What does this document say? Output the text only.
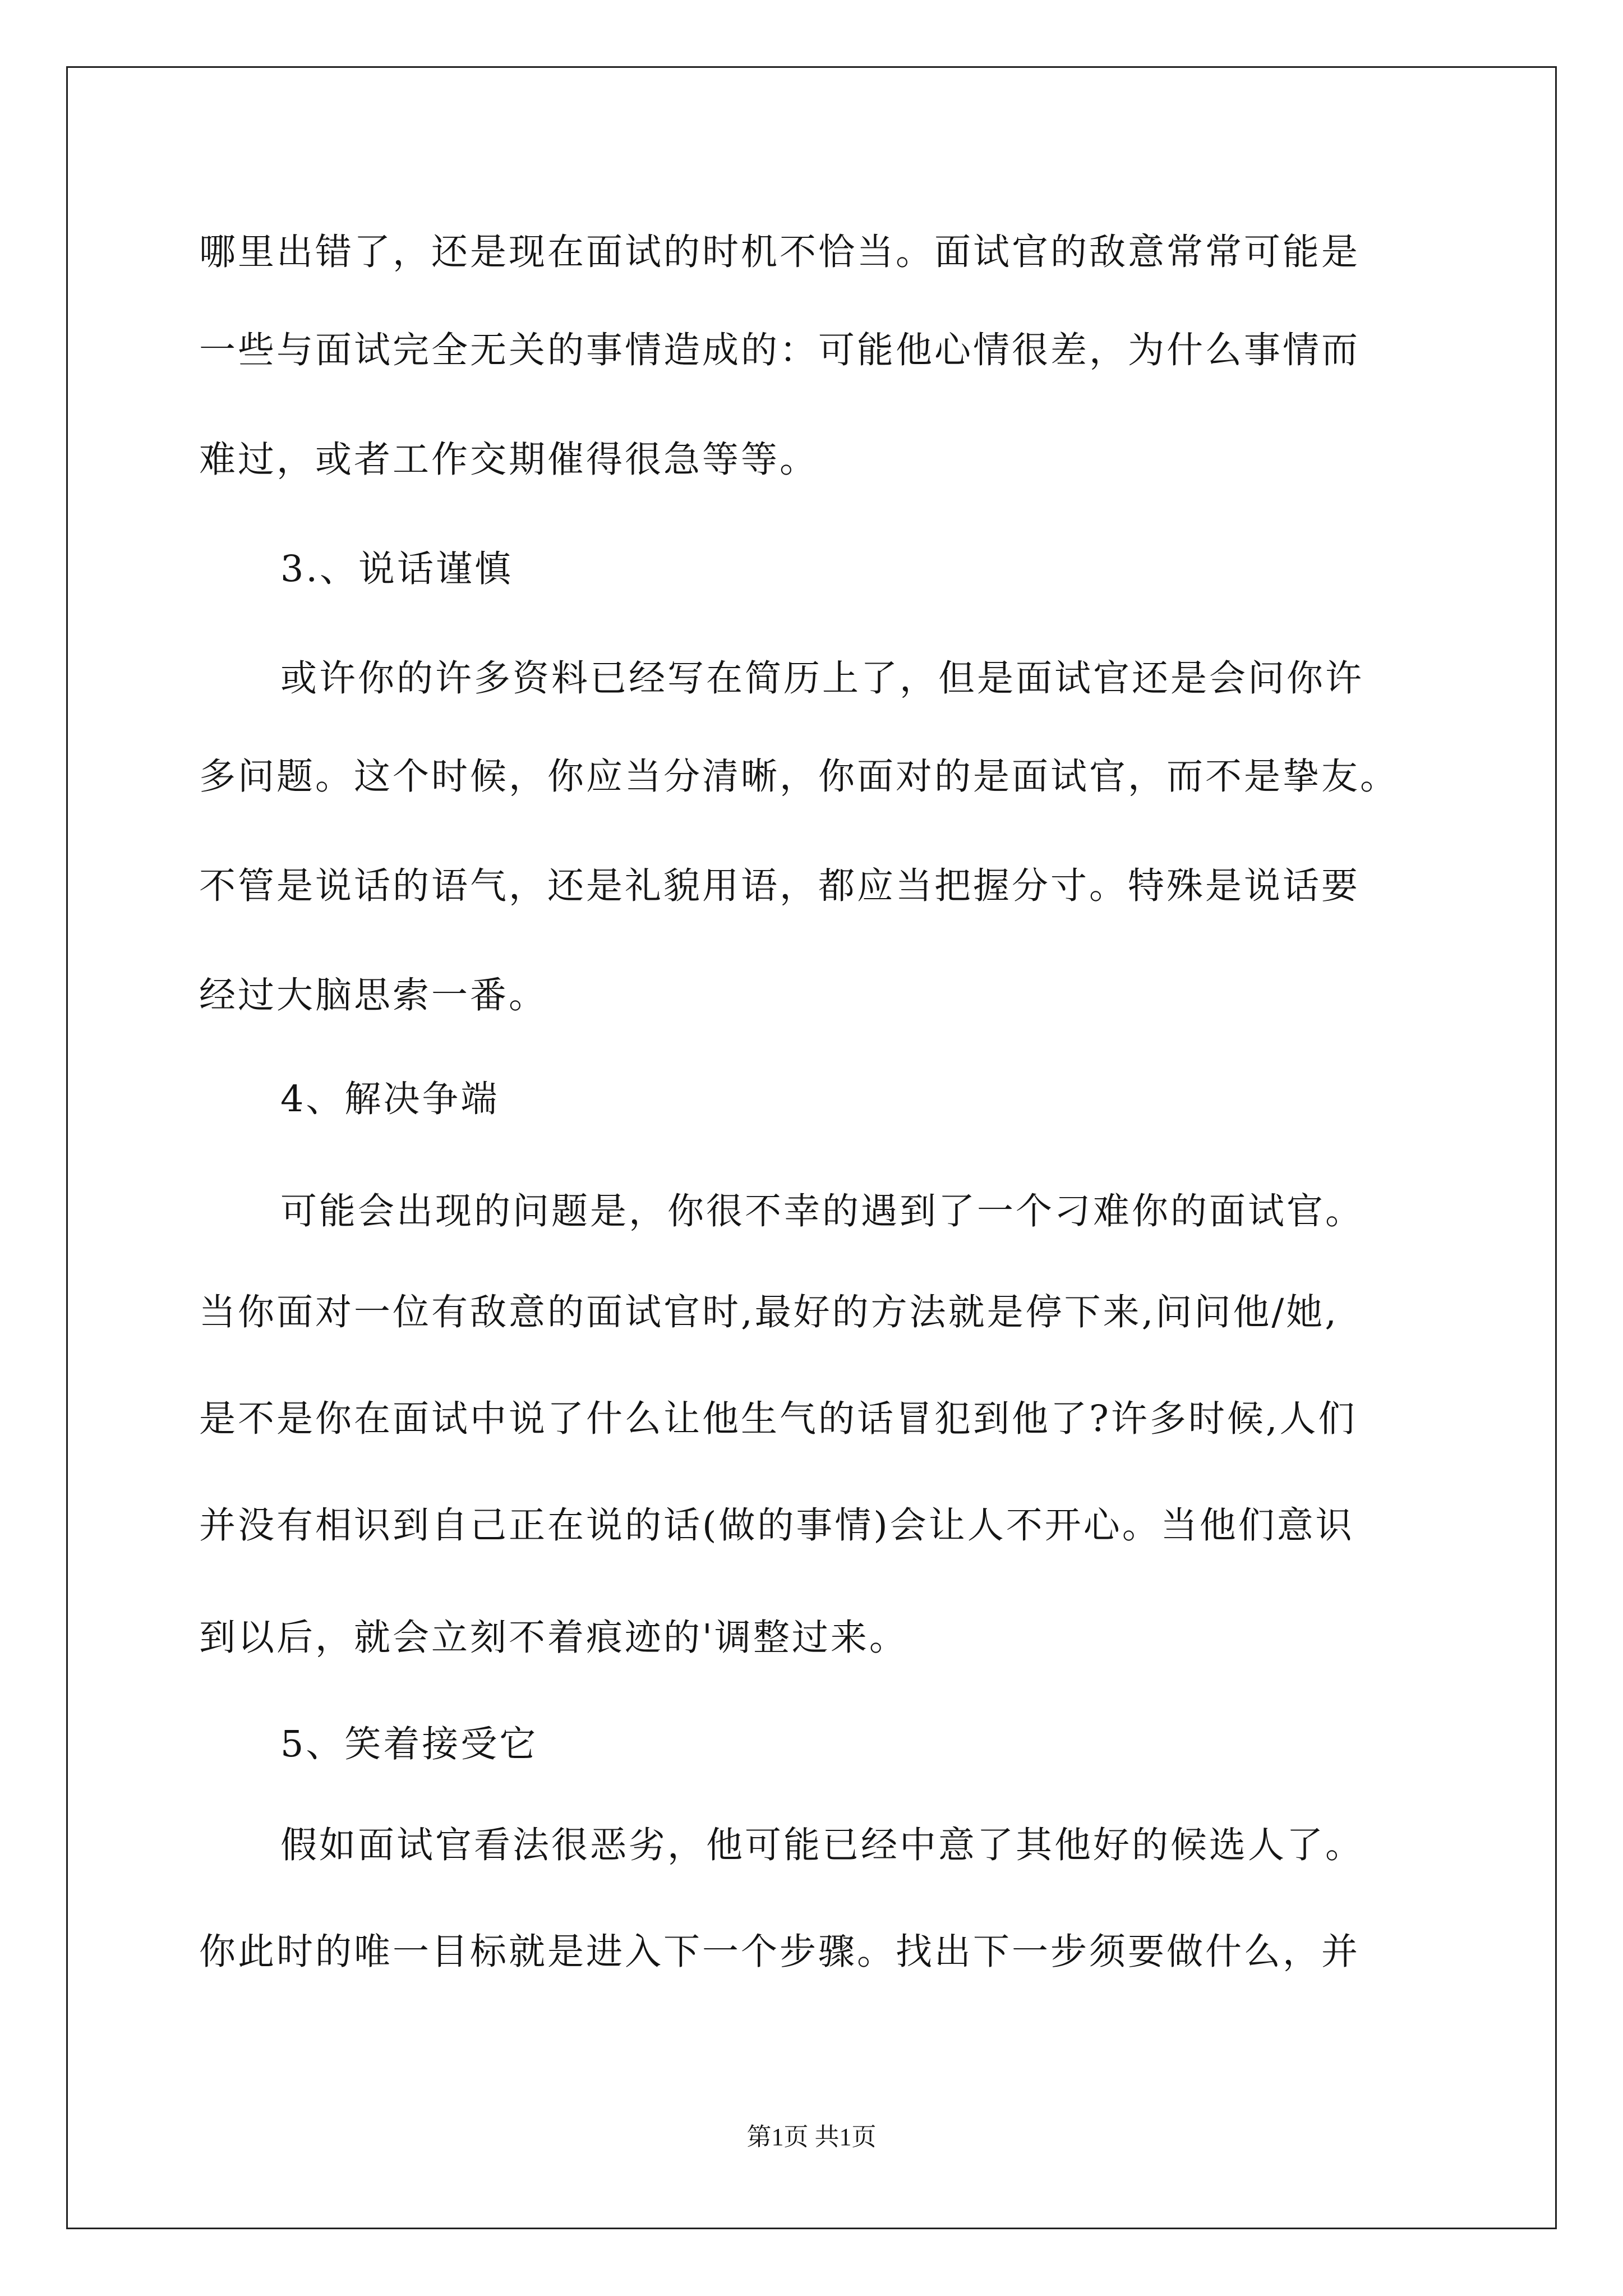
哪里出错了，还是现在面试的时机不恰当。面试官的敌意常常可能是
一些与面试完全无关的事情造成的：可能他心情很差，为什么事情而
难过，或者工作交期催得很急等等。
3.、说话谨慎
或许你的许多资料已经写在简历上了，但是面试官还是会问你许
多问题。这个时候，你应当分清晰，你面对的是面试官，而不是挚友。
不管是说话的语气，还是礼貌用语，都应当把握分寸。特殊是说话要
经过大脑思索一番。
4、解决争端
可能会出现的问题是，你很不幸的遇到了一个刁难你的面试官。
当你面对一位有敌意的面试官时,最好的方法就是停下来,问问他/她,
是不是你在面试中说了什么让他生气的话冒犯到他了?许多时候,人们
并没有相识到自己正在说的话(做的事情)会让人不开心。当他们意识
到以后，就会立刻不着痕迹的'调整过来。
5、笑着接受它
假如面试官看法很恶劣，他可能已经中意了其他好的候选人了。
你此时的唯一目标就是进入下一个步骤。找出下一步须要做什么，并
第1页 共1页
